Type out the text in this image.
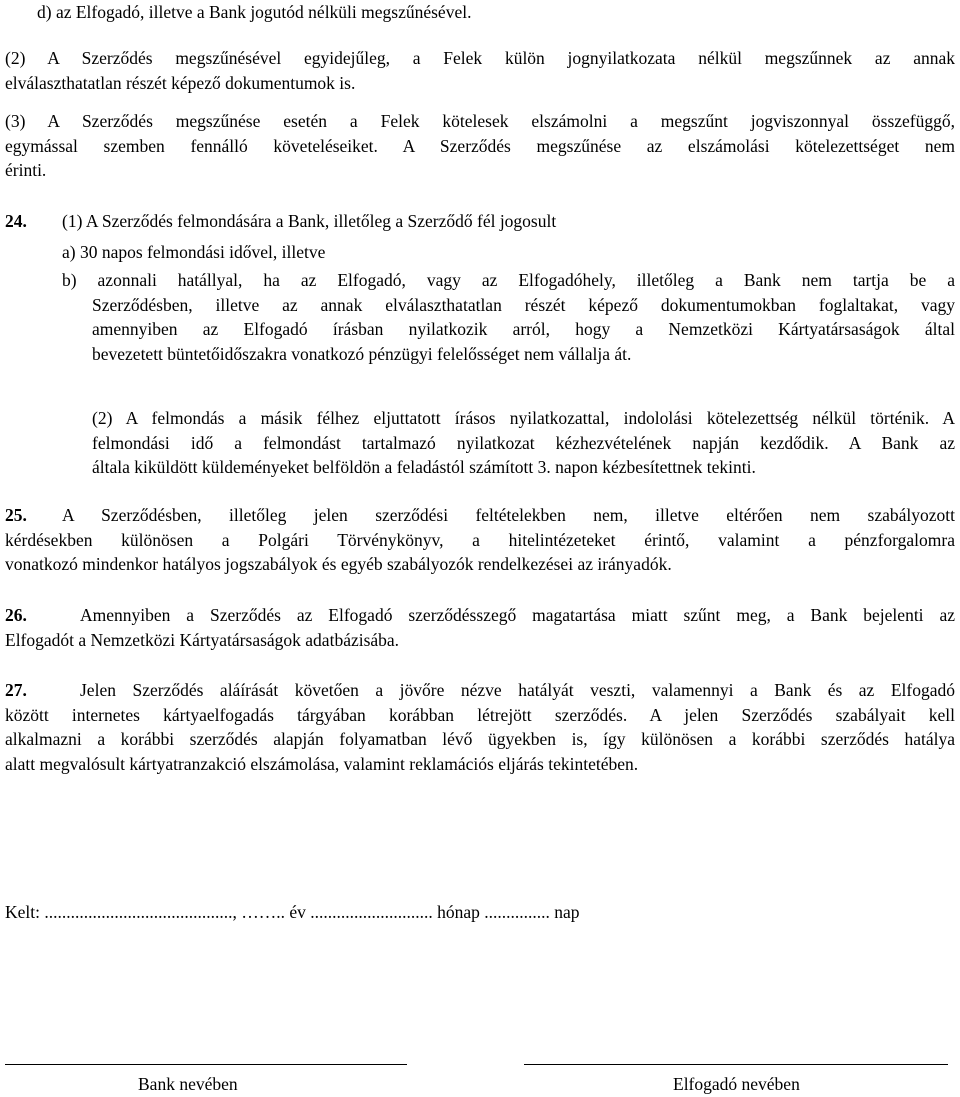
d) az Elfogadó, illetve a Bank jogutód nélküli megszűnésével.
(2) A Szerződés megszűnésével egyidejűleg, a Felek külön jognyilatkozata nélkül megszűnnek az annak
elválaszthatatlan részét képező dokumentumok is.
(3) A Szerződés megszűnése esetén a Felek kötelesek elszámolni a megszűnt jogviszonnyal összefüggő,
egymással szemben fennálló követeléseiket. A Szerződés megszűnése az elszámolási kötelezettséget nem
érinti.
24. (1) A Szerződés felmondására a Bank, illetőleg a Szerződő fél jogosult
a) 30 napos felmondási idővel, illetve
b) azonnali hatállyal, ha az Elfogadó, vagy az Elfogadóhely, illetőleg a Bank nem tartja be a
Szerződésben, illetve az annak elválaszthatatlan részét képező dokumentumokban foglaltakat, vagy
amennyiben az Elfogadó írásban nyilatkozik arról, hogy a Nemzetközi Kártyatársaságok által
bevezetett büntetőidőszakra vonatkozó pénzügyi felelősséget nem vállalja át.
(2) A felmondás a másik félhez eljuttatott írásos nyilatkozattal, indololási kötelezettség nélkül történik. A
felmondási idő a felmondást tartalmazó nyilatkozat kézhezvételének napján kezdődik. A Bank az
általa kiküldött küldeményeket belföldön a feladástól számított 3. napon kézbesítettnek tekinti.
25. A Szerződésben, illetőleg jelen szerződési feltételekben nem, illetve eltérően nem szabályozott
kérdésekben különösen a Polgári Törvénykönyv, a hitelintézeteket érintő, valamint a pénzforgalomra
vonatkozó mindenkor hatályos jogszabályok és egyéb szabályozók rendelkezései az irányadók.
26.	Amennyiben a Szerződés az Elfogadó szerződésszegő magatartása miatt szűnt meg, a Bank bejelenti az
Elfogadót a Nemzetközi Kártyatársaságok adatbázisába.
27.	Jelen Szerződés aláírását követően a jövőre nézve hatályát veszti, valamennyi a Bank és az Elfogadó
között internetes kártyaelfogadás tárgyában korábban létrejött szerződés. A jelen Szerződés szabályait kell
alkalmazni a korábbi szerződés alapján folyamatban lévő ügyekben is, így különösen a korábbi szerződés hatálya
alatt megvalósult kártyatranzakció elszámolása, valamint reklamációs eljárás tekintetében.
Kelt: ..........................................., …….. év ............................ hónap ............... nap
Bank nevében	Elfogadó nevében
